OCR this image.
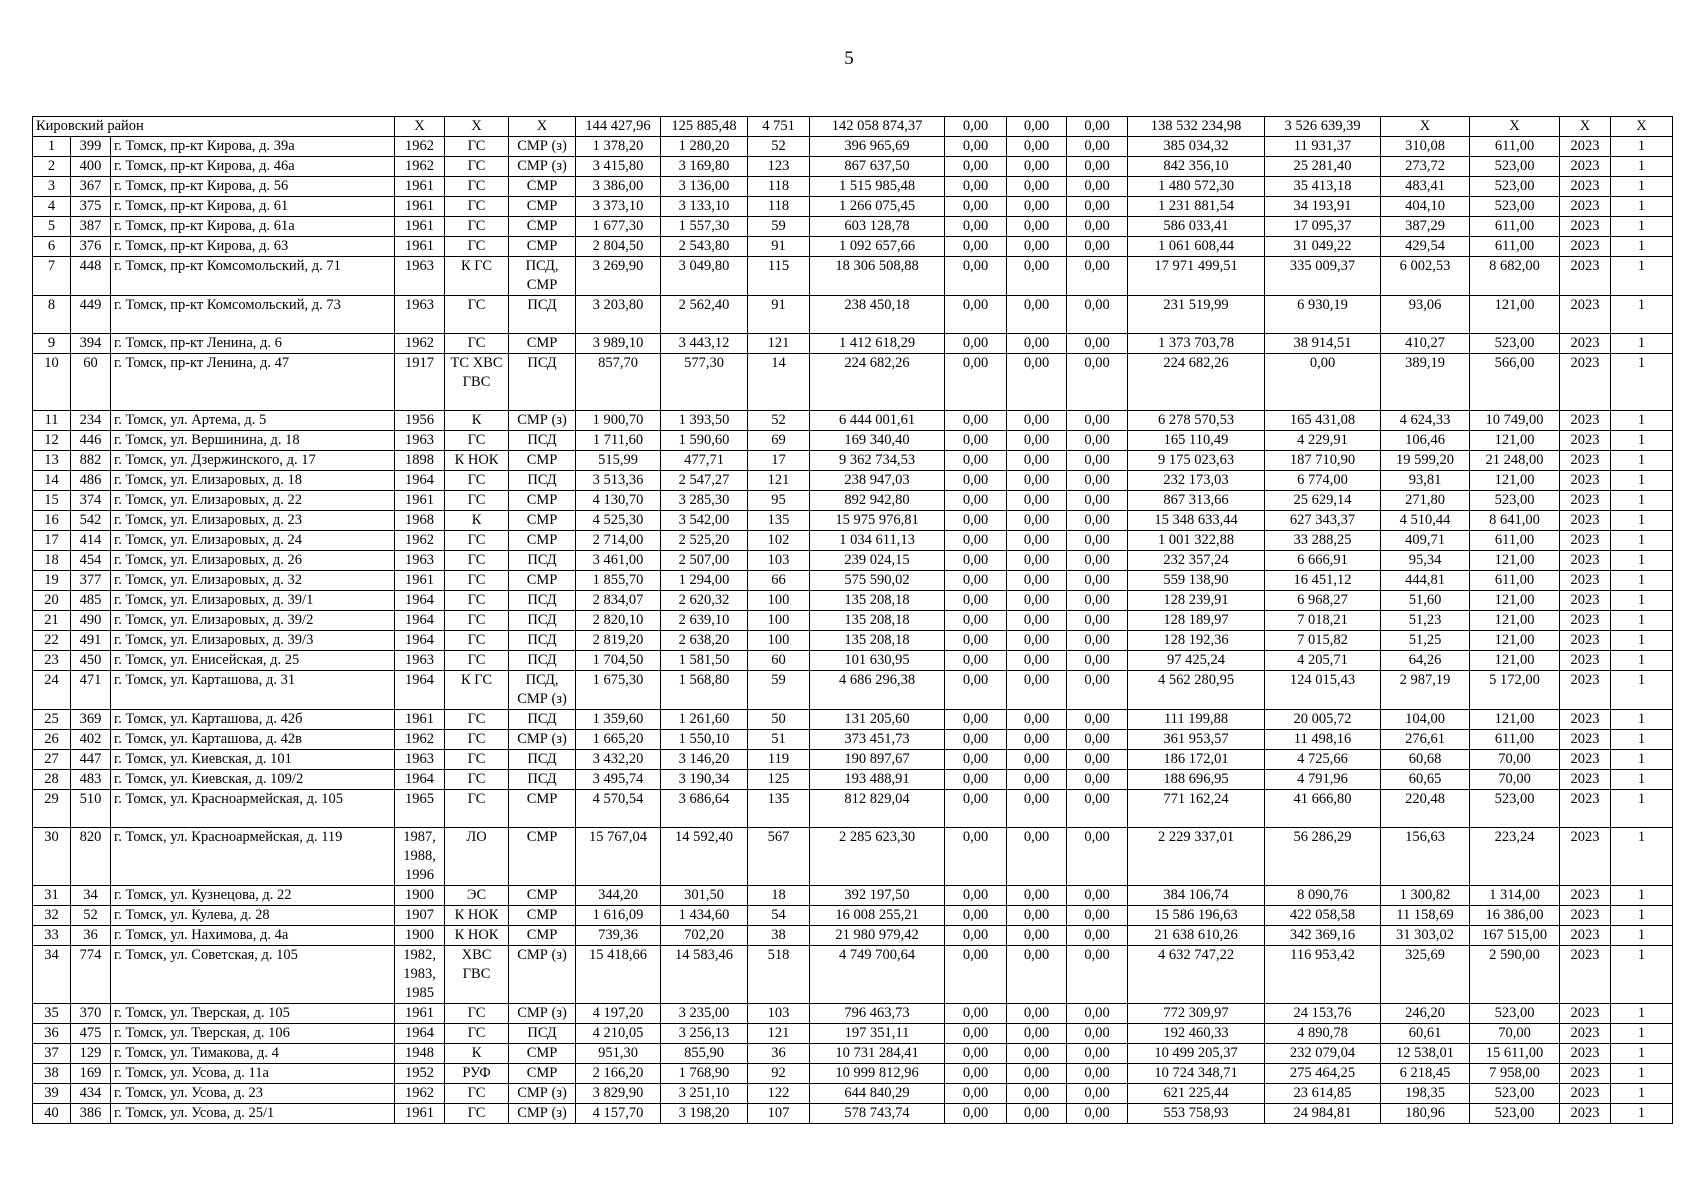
5
Кировский район			Х	Х	Х	144 427,96	125 885,48	4 751	142 058 874,37	0,00	0,00	0,00	138 532 234,98	3 526 639,39	Х	Х	Х	Х
1	399	г. Томск, пр-кт Кирова, д. 39а	1962	ГС	СМР (з)	1 378,20	1 280,20	52	396 965,69	0,00	0,00	0,00	385 034,32	11 931,37	310,08	611,00	2023	1
2	400	г. Томск, пр-кт Кирова, д. 46а	1962	ГС	СМР (з)	3 415,80	3 169,80	123	867 637,50	0,00	0,00	0,00	842 356,10	25 281,40	273,72	523,00	2023	1
3	367	г. Томск, пр-кт Кирова, д. 56	1961	ГС	СМР	3 386,00	3 136,00	118	1 515 985,48	0,00	0,00	0,00	1 480 572,30	35 413,18	483,41	523,00	2023	1
4	375	г. Томск, пр-кт Кирова, д. 61	1961	ГС	СМР	3 373,10	3 133,10	118	1 266 075,45	0,00	0,00	0,00	1 231 881,54	34 193,91	404,10	523,00	2023	1
5	387	г. Томск, пр-кт Кирова, д. 61а	1961	ГС	СМР	1 677,30	1 557,30	59	603 128,78	0,00	0,00	0,00	586 033,41	17 095,37	387,29	611,00	2023	1
6	376	г. Томск, пр-кт Кирова, д. 63	1961	ГС	СМР	2 804,50	2 543,80	91	1 092 657,66	0,00	0,00	0,00	1 061 608,44	31 049,22	429,54	611,00	2023	1
7	448	г. Томск, пр-кт Комсомольский, д. 71	1963	К ГС	ПСД, СМР	3 269,90	3 049,80	115	18 306 508,88	0,00	0,00	0,00	17 971 499,51	335 009,37	6 002,53	8 682,00	2023	1
8	449	г. Томск, пр-кт Комсомольский, д. 73	1963	ГС	ПСД	3 203,80	2 562,40	91	238 450,18	0,00	0,00	0,00	231 519,99	6 930,19	93,06	121,00	2023	1
9	394	г. Томск, пр-кт Ленина, д. 6	1962	ГС	СМР	3 989,10	3 443,12	121	1 412 618,29	0,00	0,00	0,00	1 373 703,78	38 914,51	410,27	523,00	2023	1
10	60	г. Томск, пр-кт Ленина, д. 47	1917	ТС ХВС ГВС	ПСД	857,70	577,30	14	224 682,26	0,00	0,00	0,00	224 682,26	0,00	389,19	566,00	2023	1
11	234	г. Томск, ул. Артема, д. 5	1956	К	СМР (з)	1 900,70	1 393,50	52	6 444 001,61	0,00	0,00	0,00	6 278 570,53	165 431,08	4 624,33	10 749,00	2023	1
12	446	г. Томск, ул. Вершинина, д. 18	1963	ГС	ПСД	1 711,60	1 590,60	69	169 340,40	0,00	0,00	0,00	165 110,49	4 229,91	106,46	121,00	2023	1
13	882	г. Томск, ул. Дзержинского, д. 17	1898	К НОК	СМР	515,99	477,71	17	9 362 734,53	0,00	0,00	0,00	9 175 023,63	187 710,90	19 599,20	21 248,00	2023	1
14	486	г. Томск, ул. Елизаровых, д. 18	1964	ГС	ПСД	3 513,36	2 547,27	121	238 947,03	0,00	0,00	0,00	232 173,03	6 774,00	93,81	121,00	2023	1
15	374	г. Томск, ул. Елизаровых, д. 22	1961	ГС	СМР	4 130,70	3 285,30	95	892 942,80	0,00	0,00	0,00	867 313,66	25 629,14	271,80	523,00	2023	1
16	542	г. Томск, ул. Елизаровых, д. 23	1968	К	СМР	4 525,30	3 542,00	135	15 975 976,81	0,00	0,00	0,00	15 348 633,44	627 343,37	4 510,44	8 641,00	2023	1
17	414	г. Томск, ул. Елизаровых, д. 24	1962	ГС	СМР	2 714,00	2 525,20	102	1 034 611,13	0,00	0,00	0,00	1 001 322,88	33 288,25	409,71	611,00	2023	1
18	454	г. Томск, ул. Елизаровых, д. 26	1963	ГС	ПСД	3 461,00	2 507,00	103	239 024,15	0,00	0,00	0,00	232 357,24	6 666,91	95,34	121,00	2023	1
19	377	г. Томск, ул. Елизаровых, д. 32	1961	ГС	СМР	1 855,70	1 294,00	66	575 590,02	0,00	0,00	0,00	559 138,90	16 451,12	444,81	611,00	2023	1
20	485	г. Томск, ул. Елизаровых, д. 39/1	1964	ГС	ПСД	2 834,07	2 620,32	100	135 208,18	0,00	0,00	0,00	128 239,91	6 968,27	51,60	121,00	2023	1
21	490	г. Томск, ул. Елизаровых, д. 39/2	1964	ГС	ПСД	2 820,10	2 639,10	100	135 208,18	0,00	0,00	0,00	128 189,97	7 018,21	51,23	121,00	2023	1
22	491	г. Томск, ул. Елизаровых, д. 39/3	1964	ГС	ПСД	2 819,20	2 638,20	100	135 208,18	0,00	0,00	0,00	128 192,36	7 015,82	51,25	121,00	2023	1
23	450	г. Томск, ул. Енисейская, д. 25	1963	ГС	ПСД	1 704,50	1 581,50	60	101 630,95	0,00	0,00	0,00	97 425,24	4 205,71	64,26	121,00	2023	1
24	471	г. Томск, ул. Карташова, д. 31	1964	К ГС	ПСД, СМР (з)	1 675,30	1 568,80	59	4 686 296,38	0,00	0,00	0,00	4 562 280,95	124 015,43	2 987,19	5 172,00	2023	1
25	369	г. Томск, ул. Карташова, д. 42б	1961	ГС	ПСД	1 359,60	1 261,60	50	131 205,60	0,00	0,00	0,00	111 199,88	20 005,72	104,00	121,00	2023	1
26	402	г. Томск, ул. Карташова, д. 42в	1962	ГС	СМР (з)	1 665,20	1 550,10	51	373 451,73	0,00	0,00	0,00	361 953,57	11 498,16	276,61	611,00	2023	1
27	447	г. Томск, ул. Киевская, д. 101	1963	ГС	ПСД	3 432,20	3 146,20	119	190 897,67	0,00	0,00	0,00	186 172,01	4 725,66	60,68	70,00	2023	1
28	483	г. Томск, ул. Киевская, д. 109/2	1964	ГС	ПСД	3 495,74	3 190,34	125	193 488,91	0,00	0,00	0,00	188 696,95	4 791,96	60,65	70,00	2023	1
29	510	г. Томск, ул. Красноармейская, д. 105	1965	ГС	СМР	4 570,54	3 686,64	135	812 829,04	0,00	0,00	0,00	771 162,24	41 666,80	220,48	523,00	2023	1
30	820	г. Томск, ул. Красноармейская, д. 119	1987, 1988, 1996	ЛО	СМР	15 767,04	14 592,40	567	2 285 623,30	0,00	0,00	0,00	2 229 337,01	56 286,29	156,63	223,24	2023	1
31	34	г. Томск, ул. Кузнецова, д. 22	1900	ЭС	СМР	344,20	301,50	18	392 197,50	0,00	0,00	0,00	384 106,74	8 090,76	1 300,82	1 314,00	2023	1
32	52	г. Томск, ул. Кулева, д. 28	1907	К НОК	СМР	1 616,09	1 434,60	54	16 008 255,21	0,00	0,00	0,00	15 586 196,63	422 058,58	11 158,69	16 386,00	2023	1
33	36	г. Томск, ул. Нахимова, д. 4а	1900	К НОК	СМР	739,36	702,20	38	21 980 979,42	0,00	0,00	0,00	21 638 610,26	342 369,16	31 303,02	167 515,00	2023	1
34	774	г. Томск, ул. Советская, д. 105	1982, 1983, 1985	ХВС ГВС	СМР (з)	15 418,66	14 583,46	518	4 749 700,64	0,00	0,00	0,00	4 632 747,22	116 953,42	325,69	2 590,00	2023	1
35	370	г. Томск, ул. Тверская, д. 105	1961	ГС	СМР (з)	4 197,20	3 235,00	103	796 463,73	0,00	0,00	0,00	772 309,97	24 153,76	246,20	523,00	2023	1
36	475	г. Томск, ул. Тверская, д. 106	1964	ГС	ПСД	4 210,05	3 256,13	121	197 351,11	0,00	0,00	0,00	192 460,33	4 890,78	60,61	70,00	2023	1
37	129	г. Томск, ул. Тимакова, д. 4	1948	К	СМР	951,30	855,90	36	10 731 284,41	0,00	0,00	0,00	10 499 205,37	232 079,04	12 538,01	15 611,00	2023	1
38	169	г. Томск, ул. Усова, д. 11а	1952	РУФ	СМР	2 166,20	1 768,90	92	10 999 812,96	0,00	0,00	0,00	10 724 348,71	275 464,25	6 218,45	7 958,00	2023	1
39	434	г. Томск, ул. Усова, д. 23	1962	ГС	СМР (з)	3 829,90	3 251,10	122	644 840,29	0,00	0,00	0,00	621 225,44	23 614,85	198,35	523,00	2023	1
40	386	г. Томск, ул. Усова, д. 25/1	1961	ГС	СМР (з)	4 157,70	3 198,20	107	578 743,74	0,00	0,00	0,00	553 758,93	24 984,81	180,96	523,00	2023	1
